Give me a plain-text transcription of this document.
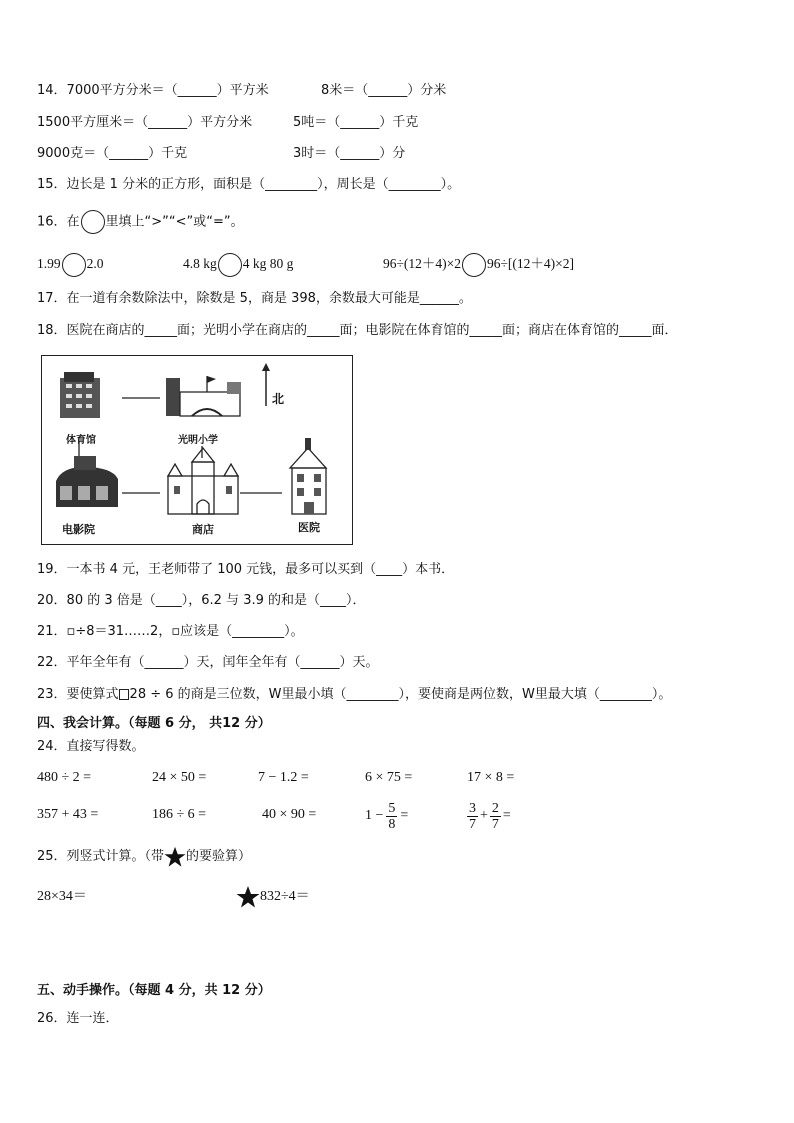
14．7000平方分米＝（______）平方米	8米＝（______）分米
1500平方厘米＝（______）平方分米	5吨＝（______）千克
9000克＝（______）千克	3时＝（______）分
15．边长是 1 分米的正方形，面积是（________），周长是（________）。
16．在 里填上“>”“<”或“=”。
1.99 2.0	4.8 kg 4 kg 80 g	96÷(12＋4)×2 96÷[(12＋4)×2]
17．在一道有余数除法中，除数是 5，商是 398，余数最大可能是______。
18．医院在商店的_____面；光明小学在商店的_____面；电影院在体育馆的_____面；商店在体育馆的_____面．
北
体育馆	光明小学
电影院	商店	医院
19．一本书 4 元，王老师带了 100 元钱，最多可以买到（____）本书．
20．80 的 3 倍是（____），6.2 与 3.9 的和是（____）．
21．▫÷8＝31……2，▫应该是（________）。
22．平年全年有（______）天，闰年全年有（______）天。
23．要使算式 28 ÷ 6 的商是三位数，W里最小填（________），要使商是两位数，W里最大填（________）。
四、我会计算。（每题 6 分， 共12 分）
24．直接写得数。
480 ÷ 2 =	24 × 50 =	7 − 1.2 =	6 × 75 =	17 × 8 =
357 + 43 =	186 ÷ 6 =	40 × 90 =	$1 - \frac{5}{8}$ =	$\frac{3}{7} + \frac{2}{7}$ =
25．列竖式计算。（带 的要验算）
28×34＝	832÷4＝
五、动手操作。（每题 4 分，共 12 分）
26．连一连．
